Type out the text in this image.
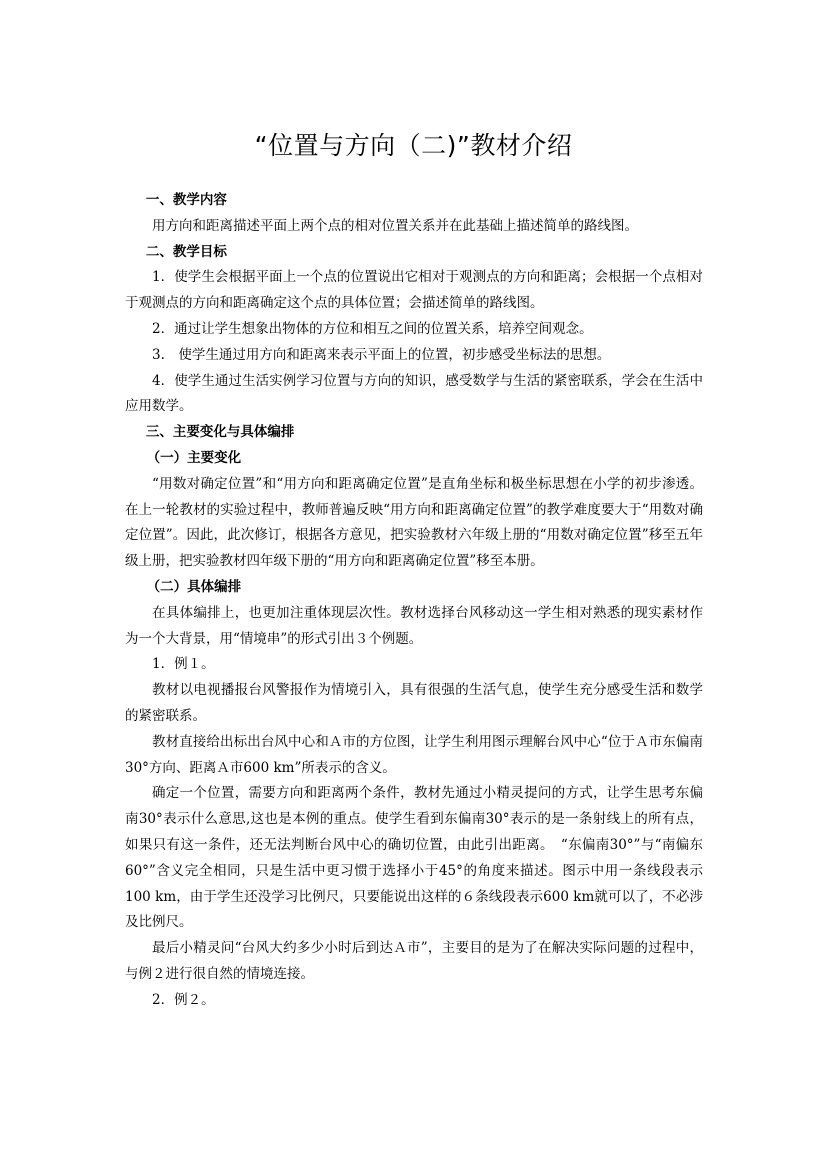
“位置与方向（二)”教材介绍

一、教学内容

用方向和距离描述平面上两个点的相对位置关系并在此基础上描述简单的路线图。

二、教学目标

1．使学生会根据平面上一个点的位置说出它相对于观测点的方向和距离；会根据一个点相对于观测点的方向和距离确定这个点的具体位置；会描述简单的路线图。

2．通过让学生想象出物体的方位和相互之间的位置关系，培养空间观念。

3.　使学生通过用方向和距离来表示平面上的位置，初步感受坐标法的思想。

4．使学生通过生活实例学习位置与方向的知识，感受数学与生活的紧密联系，学会在生活中应用数学。

三、主要变化与具体编排

（一）主要变化

“用数对确定位置”和“用方向和距离确定位置”是直角坐标和极坐标思想在小学的初步渗透。在上一轮教材的实验过程中，教师普遍反映“用方向和距离确定位置”的教学难度要大于“用数对确定位置”。因此，此次修订，根据各方意见，把实验教材六年级上册的“用数对确定位置”移至五年级上册，把实验教材四年级下册的“用方向和距离确定位置”移至本册。

（二）具体编排

在具体编排上，也更加注重体现层次性。教材选择台风移动这一学生相对熟悉的现实素材作为一个大背景，用“情境串”的形式引出３个例题。

1．例１。

教材以电视播报台风警报作为情境引入，具有很强的生活气息，使学生充分感受生活和数学的紧密联系。

教材直接给出标出台风中心和Ａ市的方位图，让学生利用图示理解台风中心“位于Ａ市东偏南30°方向、距离Ａ市600 km”所表示的含义。

确定一个位置，需要方向和距离两个条件，教材先通过小精灵提问的方式，让学生思考东偏南30°表示什么意思,这也是本例的重点。使学生看到东偏南30°表示的是一条射线上的所有点，如果只有这一条件，还无法判断台风中心的确切位置，由此引出距离。　“东偏南30°”与“南偏东60°”含义完全相同，只是生活中更习惯于选择小于45°的角度来描述。图示中用一条线段表示100 km，由于学生还没学习比例尺，只要能说出这样的６条线段表示600 km就可以了，不必涉及比例尺。

最后小精灵问“台风大约多少小时后到达Ａ市”，主要目的是为了在解决实际问题的过程中，与例２进行很自然的情境连接。

2．例２。
